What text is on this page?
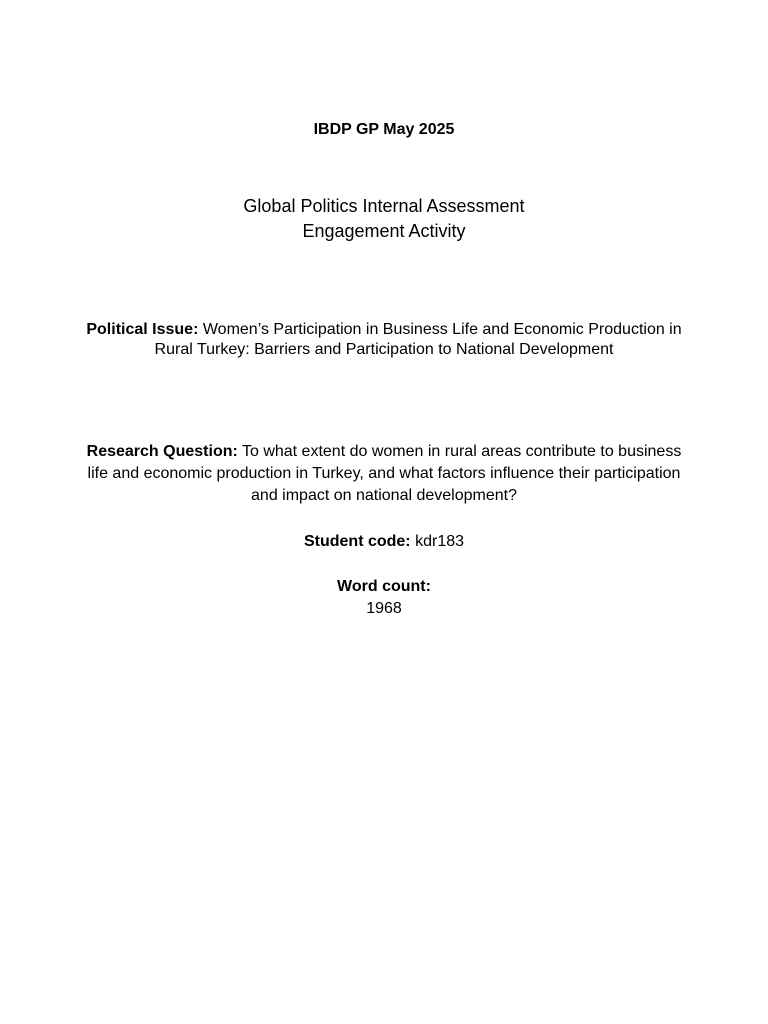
IBDP GP May 2025
Global Politics Internal Assessment
Engagement Activity
Political Issue: Women’s Participation in Business Life and Economic Production in Rural Turkey: Barriers and Participation to National Development
Research Question: To what extent do women in rural areas contribute to business life and economic production in Turkey, and what factors influence their participation and impact on national development?
Student code: kdr183
Word count:
1968
